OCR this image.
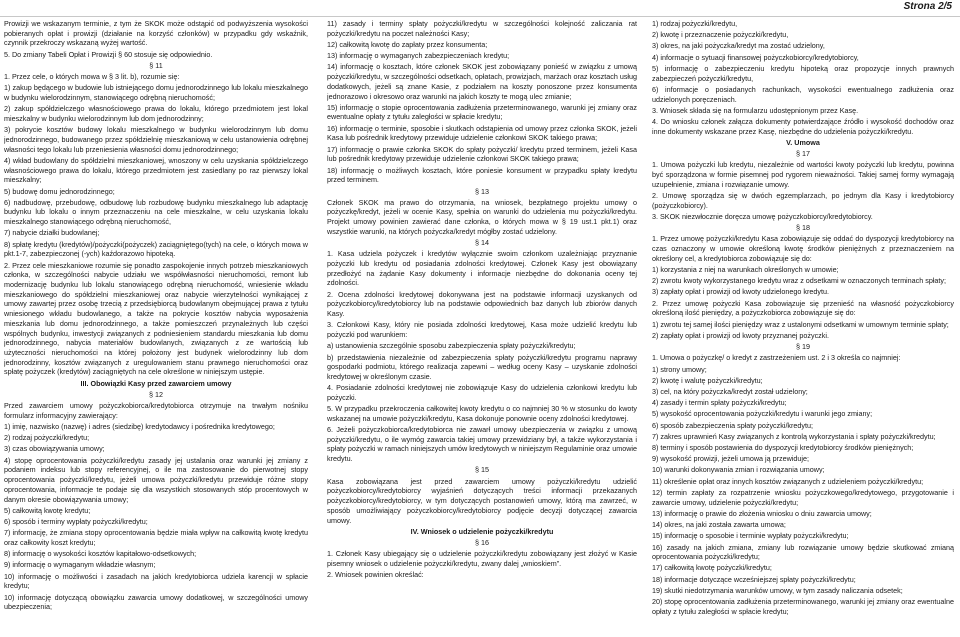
Strona 2/5

Prowizji we wskazanym terminie, z tym że SKOK może odstąpić od podwyższenia wysokości pobieranych opłat i prowizji (działanie na korzyść członków) w przypadku gdy wskaźnik, czynnik przekroczy wskazaną wyżej wartość.

5. Do zmiany Tabeli Opłat i Prowizji § 60 stosuje się odpowiednio.

§ 11

1. Przez cele, o których mowa w § 3 lit. b), rozumie się:

1) zakup będącego w budowie lub istniejącego domu jednorodzinnego lub lokalu mieszkalnego w budynku wielorodzinnym, stanowiącego odrębną nieruchomość;

2) zakup spółdzielczego własnościowego prawa do lokalu, którego przedmiotem jest lokal mieszkalny w budynku wielorodzinnym lub dom jednorodzinny;

3) pokrycie kosztów budowy lokalu mieszkalnego w budynku wielorodzinnym lub domu jednorodzinnego, budowanego przez spółdzielnię mieszkaniową w celu ustanowienia odrębnej własności tego lokalu lub przeniesienia własności domu jednorodzinnego;

4) wkład budowlany do spółdzielni mieszkaniowej, wnoszony w celu uzyskania spółdzielczego własnościowego prawa do lokalu, którego przedmiotem jest zasiedlany po raz pierwszy lokal mieszkalny;

5) budowę domu jednorodzinnego;

6) nadbudowę, przebudowę, odbudowę lub rozbudowę budynku mieszkalnego lub adaptację budynku lub lokalu o innym przeznaczeniu na cele mieszkalne, w celu uzyskania lokalu mieszkalnego stanowiącego odrębną nieruchomość,

7) nabycie działki budowlanej;

8) spłatę kredytu (kredytów)/pożyczki(pożyczek) zaciągniętego(tych) na cele, o których mowa w pkt.1-7, zabezpieczonej (-ych) kaźdorazowo hipoteką.

2. Przez cele mieszkaniowe rozumie się ponadto zaspokojenie innych potrzeb mieszkaniowych członka, w szczególności nabycie udziału we współwłasności nieruchomości, remont lub modernizację budynku lub lokalu stanowiącego odrębną nieruchomość, wniesienie wkładu mieszkaniowego do spółdzielni mieszkaniowej oraz nabycie wierzytelności wynikającej z umowy zawartej przez osobę trzecią z przedsiębiorcą budowlanym obejmującej prawa z tytułu wniesionego wkładu budowlanego, a także na pokrycie kosztów nabycia wyposażenia mieszkania lub domu jednorodzinnego, a także pomieszczeń przynależnych lub części wspólnych budynku, inwestycji związanych z podniesieniem standardu mieszkania lub domu jednorodzinnego, nabycia materiałów budowlanych, związanych z ze wartością lub użyteczności nieruchomości na której położony jest budynek wielorodzinny lub dom jednorodzinny, kosztów związanych z uregulowaniem stanu prawnego nieruchomości oraz spłatę pożyczek (kredytów) zaciągniętych na cele określone w niniejszym ustępie.

III. Obowiązki Kasy przed zawarciem umowy

§ 12

Przed zawarciem umowy pożyczkobiorca/kredytobiorca otrzymuje na trwałym nośniku formularz informacyjny zawierający:

1) imię, nazwisko (nazwę) i adres (siedzibę) kredytodawcy i pośrednika kredytowego;

2) rodzaj pożyczki/kredytu;

3) czas obowiązywania umowy;

4) stopę oprocentowania pożyczki/kredytu zasady jej ustalania oraz warunki jej zmiany z podaniem indeksu lub stopy referencyjnej, o ile ma zastosowanie do pierwotnej stopy oprocentowania pożyczki/kredytu, jeżeli umowa pożyczki/kredytu przewiduje różne stopy oprocentowania, informacje te podaje się dla wszystkich stosowanych stóp procentowych w danym okresie obowiązywania umowy;

5) całkowitą kwotę kredytu;

6) sposób i terminy wypłaty pożyczki/kredytu;

7) informację, że zmiana stopy oprocentowania będzie miała wpływ na całkowitą kwotę kredytu oraz całkowity koszt kredytu;

8) informację o wysokości kosztów kapitałowo-odsetkowych;

9) informację o wymaganym wkładzie własnym;

10) informację o możliwości i zasadach na jakich kredytobiorca udziela karencji w spłacie kredytu;

10) informację dotyczącą obowiązku zawarcia umowy dodatkowej, w szczególności umowy ubezpieczenia;

11) zasady i terminy spłaty pożyczki/kredytu w szczególności kolejność zaliczania rat pożyczki/kredytu na poczet należności Kasy;

12) całkowitą kwotę do zapłaty przez konsumenta;

13) informację o wymaganych zabezpieczeniach kredytu;

14) informację o kosztach, które członek SKOK jest zobowiązany ponieść w związku z umową pożyczki/kredytu, w szczególności odsetkach, opłatach, prowizjach, marżach oraz kosztach usług dodatkowych, jeżeli są znane Kasie, z podziałem na koszty ponoszone przez konsumenta jednorazowo i okresowo oraz warunki na jakich koszty te mogą ulec zmianie;

15) informację o stopie oprocentowania zadłużenia przeterminowanego, warunki jej zmiany oraz ewentualne opłaty z tytułu zaległości w spłacie kredytu;

16) informację o terminie, sposobie i skutkach odstąpienia od umowy przez członka SKOK, jeżeli Kasa lub pośrednik kredytowy przewiduje udzielenie członkowi SKOK takiego prawa;

17) informację o prawie członka SKOK do spłaty pożyczki/ kredytu przed terminem, jeżeli Kasa lub pośrednik kredytowy przewiduje udzielenie członkowi SKOK takiego prawa;

18) informację o możliwych kosztach, które poniesie konsument w przypadku spłaty kredytu przed terminem.

§ 13

Członek SKOK ma prawo do otrzymania, na wniosek, bezpłatnego projektu umowy o pożyczkę/kredyt, jeżeli w ocenie Kasy, spełnia on warunki do udzielenia mu pożyczki/kredytu. Projekt umowy powinien zawierać dane członka, o których mowa w § 19 ust.1 pkt.1) oraz wszystkie warunki, na których pożyczka/kredyt mógłby zostać udzielony.

§ 14

1. Kasa udziela pożyczek i kredytów wyłącznie swoim członkom uzależniając przyznanie pożyczki lub kredytu od posiadania zdolności kredytowej. Członek Kasy jest obowiązany przedłożyć na żądanie Kasy dokumenty i informacje niezbędne do dokonania oceny tej zdolności.

2. Ocena zdolności kredytowej dokonywana jest na podstawie informacji uzyskanych od pożyczkobiorcy/kredytobiorcy lub na podstawie odpowiednich baz danych lub zbiorów danych Kasy.

3. Członkowi Kasy, który nie posiada zdolności kredytowej, Kasa może udzielić kredytu lub pożyczki pod warunkiem:

a) ustanowienia szczególnie sposobu zabezpieczenia spłaty pożyczki/kredytu;

b) przedstawienia niezależnie od zabezpieczenia spłaty pożyczki/kredytu programu naprawy gospodarki podmiotu, którego realizacja zapewni – według oceny Kasy – uzyskanie zdolności kredytowej w określonym czasie.

4. Posiadanie zdolności kredytowej nie zobowiązuje Kasy do udzielenia członkowi kredytu lub pożyczki.

5. W przypadku przekroczenia całkowitej kwoty kredytu o co najmniej 30 % w stosunku do kwoty wskazanej na umowie pożyczki/kredytu, Kasa dokonuje ponownie oceny zdolności kredytowej.

6. Jeżeli pożyczkobiorca/kredytobiorca nie zawarł umowy ubezpieczenia w związku z umową pożyczki/kredytu, o ile wymóg zawarcia takiej umowy przewidziany był, a także wykorzystania i spłaty pożyczki w ramach niniejszych umów kredytowych w niniejszym Regulaminie oraz umowie kredytu.

§ 15

Kasa zobowiązana jest przed zawarciem umowy pożyczki/kredytu udzielić pożyczkobiorcy/kredytobiorcy wyjaśnień dotyczących treści informacji przekazanych pożyczkobiorcy/kredytobiorcy, w tym dotyczących postanowień umowy, którą ma zawrzeć, w sposób umożliwiający pożyczkobiorcy/kredytobiorcy podjęcie decyzji dotyczącej zawarcia umowy.

IV. Wniosek o udzielenie pożyczki/kredytu

§ 16

1. Członek Kasy ubiegający się o udzielenie pożyczki/kredytu zobowiązany jest złożyć w Kasie pisemny wniosek o udzielenie pożyczki/kredytu, zwany dalej „wnioskiem”.

2. Wniosek powinien określać:

1) rodzaj pożyczki/kredytu,

2) kwotę i przeznaczenie pożyczki/kredytu,

3) okres, na jaki pożyczka/kredyt ma zostać udzielony,

4) informacje o sytuacji finansowej pożyczkobiorcy/kredytobiorcy,

5) informację o zabezpieczeniu kredytu hipoteką oraz propozycje innych prawnych zabezpieczeń pożyczki/kredytu,

6) informacje o posiadanych rachunkach, wysokości ewentualnego zadłużenia oraz udzielonych poręczeniach.

3. Wniosek składa się na formularzu udostępnionym przez Kasę.

4. Do wniosku członek załącza dokumenty potwierdzające źródło i wysokość dochodów oraz inne dokumenty wskazane przez Kasę, niezbędne do udzielenia pożyczki/kredytu.

V. Umowa

§ 17

1. Umowa pożyczki lub kredytu, niezależnie od wartości kwoty pożyczki lub kredytu, powinna być sporządzona w formie pisemnej pod rygorem nieważności. Takiej samej formy wymagają uzupełnienie, zmiana i rozwiązanie umowy.

2. Umowę sporządza się w dwóch egzemplarzach, po jednym dla Kasy i kredytobiorcy (pożyczkobiorcy).

3. SKOK niezwłocznie doręcza umowę pożyczkobiorcy/kredytobiorcy.

§ 18

1. Przez umowę pożyczki/kredytu Kasa zobowiązuje się oddać do dyspozycji kredytobiorcy na czas oznaczony w umowie określoną kwotę środków pieniężnych z przeznaczeniem na określony cel, a kredytobiorca zobowiązuje się do:

1) korzystania z niej na warunkach określonych w umowie;

2) zwrotu kwoty wykorzystanego kredytu wraz z odsetkami w oznaczonych terminach spłaty;

3) zapłaty opłat i prowizji od kwoty udzielonego kredytu.

2. Przez umowę pożyczki Kasa zobowiązuje się przenieść na własność pożyczkobiorcy określoną ilość pieniędzy, a pożyczkobiorca zobowiązuje się do:

1) zwrotu tej samej ilości pieniędzy wraz z ustalonymi odsetkami w umownym terminie spłaty;

2) zapłaty opłat i prowizji od kwoty przyznanej pożyczki.

§ 19

1. Umowa o pożyczkę/ o kredyt z zastrzeżeniem ust. 2 i 3 określa co najmniej:

1) strony umowy;

2) kwotę i walutę pożyczki/kredytu;

3) cel, na który pożyczka/kredyt został udzielony;

4) zasady i termin spłaty pożyczki/kredytu;

5) wysokość oprocentowania pożyczki/kredytu i warunki jego zmiany;

6) sposób zabezpieczenia spłaty pożyczki/kredytu;

7) zakres uprawnień Kasy związanych z kontrolą wykorzystania i spłaty pożyczki/kredytu;

8) terminy i sposób postawienia do dyspozycji kredytobiorcy środków pieniężnych;

9) wysokość prowizji, jeżeli umowa ją przewiduje;

10) warunki dokonywania zmian i rozwiązania umowy;

11) określenie opłat oraz innych kosztów związanych z udzieleniem pożyczki/kredytu;

12) termin zapłaty za rozpatrzenie wniosku pożyczkowego/kredytowego, przygotowanie i zawarcie umowy, udzielenie pożyczki/kredytu;

13) informację o prawie do złożenia wniosku o dniu zawarcia umowy;

14) okres, na jaki została zawarta umowa;

15) informację o sposobie i terminie wypłaty pożyczki/kredytu;

16) zasady na jakich zmiana, zmiany lub rozwiązanie umowy będzie skutkować zmianą oprocentowania pożyczki/kredytu;

17) całkowitą kwotę pożyczki/kredytu;

18) informacje dotyczące wcześniejszej spłaty pożyczki/kredytu;

19) skutki niedotrzymania warunków umowy, w tym zasady naliczania odsetek;

20) stopę oprocentowania zadłużenia przeterminowanego, warunki jej zmiany oraz ewentualne opłaty z tytułu zaległości w spłacie kredytu;
